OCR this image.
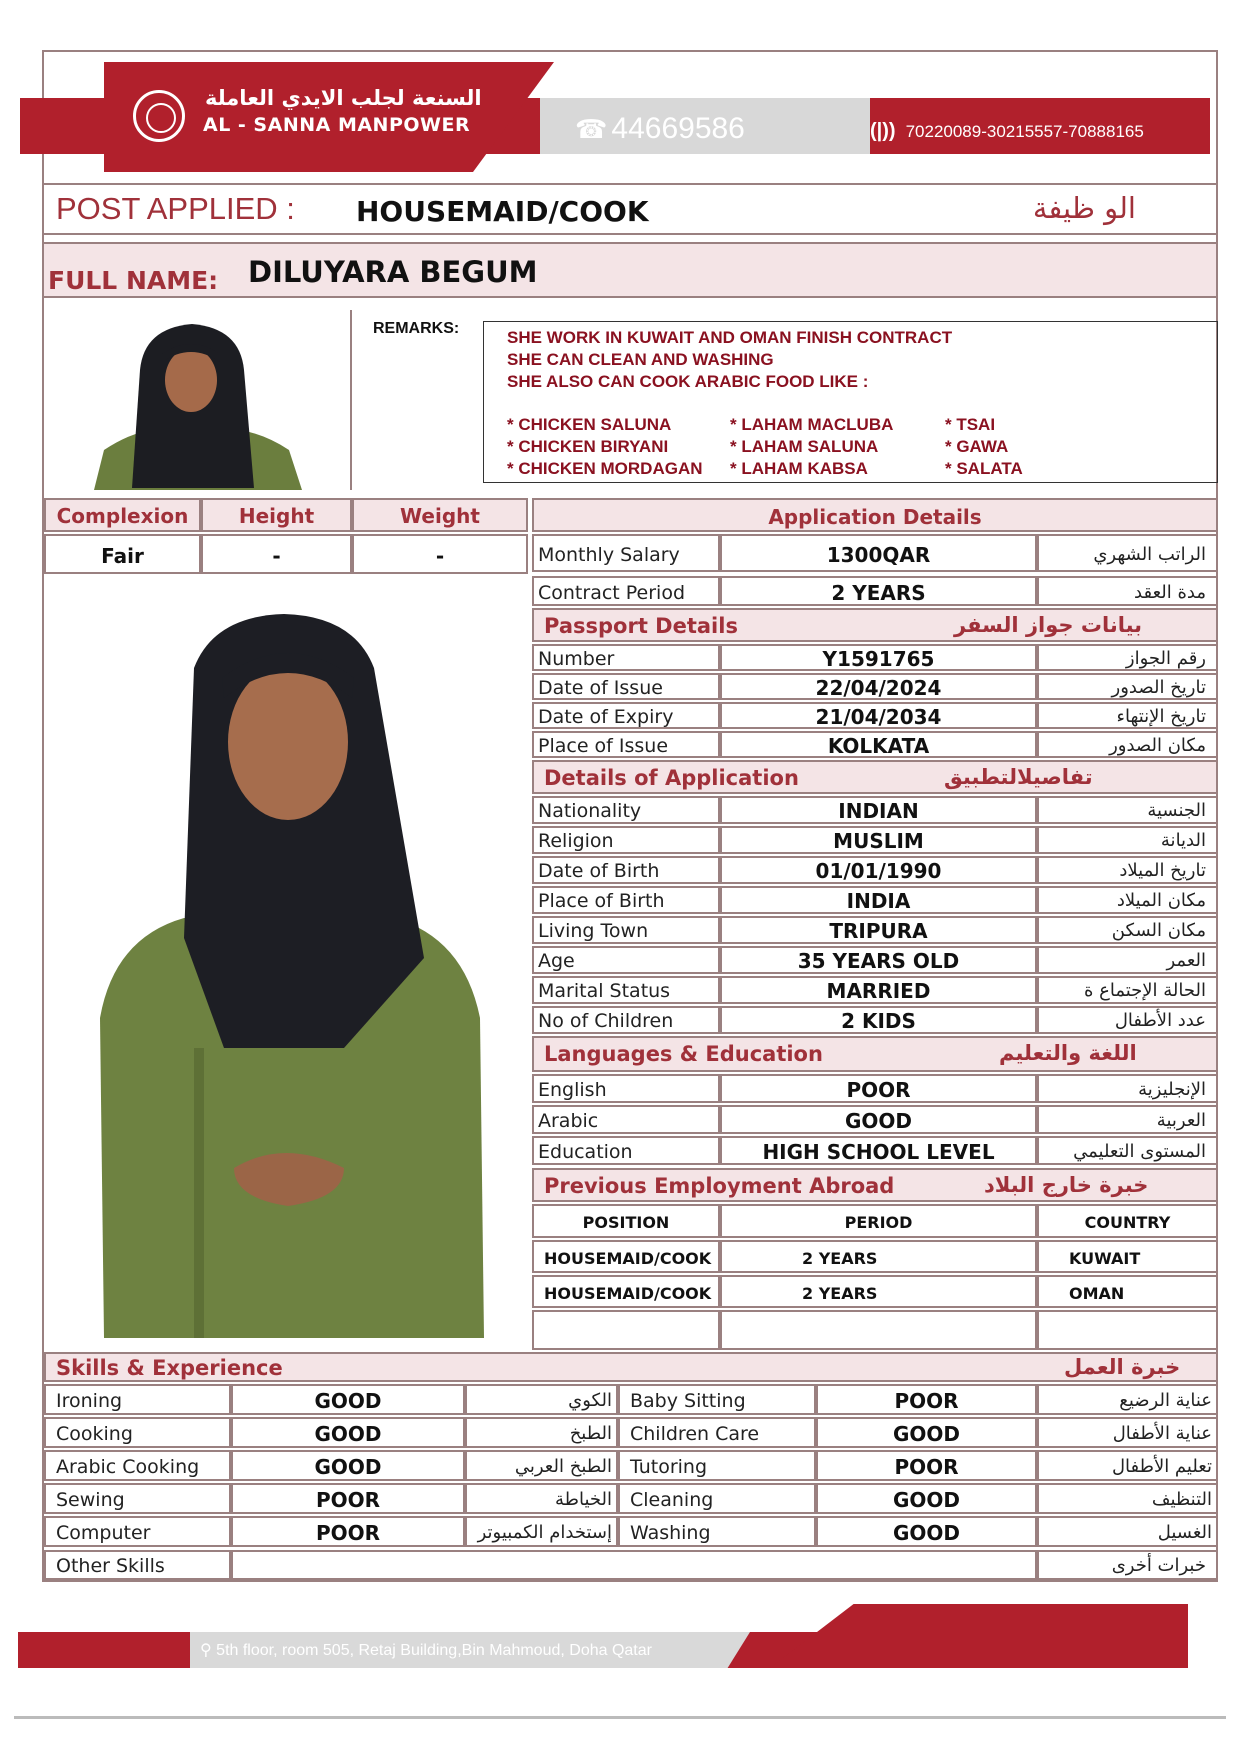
السنعة لجلب الايدي العاملة
AL - SANNA MANPOWER	☎ 44669586	(|)) 70220089-30215557-70888165
POST APPLIED : HOUSEMAID/COOK	الو ظيفة
FULL NAME: DILUYARA BEGUM
REMARKS:	SHE WORK IN KUWAIT AND OMAN FINISH CONTRACT
SHE CAN CLEAN AND WASHING
SHE ALSO CAN COOK ARABIC FOOD LIKE :
* CHICKEN SALUNA	* LAHAM MACLUBA	* TSAI
* CHICKEN BIRYANI	* LAHAM SALUNA	* GAWA
* CHICKEN MORDAGAN * LAHAM KABSA	* SALATA
Complexion	Height	Weight
Fair	-	-
Application Details
Monthly Salary	1300QAR	الراتب الشهري
Contract Period	2 YEARS	مدة العقد
Passport Details	بيانات جواز السفر
Number	Y1591765	رقم الجواز
Date of Issue	22/04/2024	تاريخ الصدور
Date of Expiry	21/04/2034	تاريخ الإنتهاء
Place of Issue	KOLKATA	مكان الصدور
Details of Application	تفاصيلالتطبيق
Nationality	INDIAN	الجنسية
Religion	MUSLIM	الديانة
Date of Birth	01/01/1990	تاريخ الميلاد
Place of Birth	INDIA	مكان الميلاد
Living Town	TRIPURA	مكان السكن
Age	35 YEARS OLD	العمر
Marital Status	MARRIED	الحالة الإجتماع ة
No of Children	2 KIDS	عدد الأطفال
Languages & Education	اللغة والتعليم
English	POOR	الإنجليزية
Arabic	GOOD	العربية
Education	HIGH SCHOOL LEVEL	المستوى التعليمي
Previous Employment Abroad	خبرة خارج البلاد
POSITION	PERIOD	COUNTRY
HOUSEMAID/COOK	2 YEARS	KUWAIT
HOUSEMAID/COOK	2 YEARS	OMAN
Skills & Experience	خبرة العمل
Ironing	GOOD	الكوي Baby Sitting	POOR	عناية الرضيع
Cooking	GOOD	الطبخ Children Care	GOOD	عناية الأطفال
Arabic Cooking	GOOD	الطبخ العربي Tutoring	POOR	تعليم الأطفال
Sewing	POOR	الخياطة Cleaning	GOOD	التنظيف
Computer	POOR	إستخدام الكمبيوتر Washing	GOOD	الغسيل
Other Skills	خبرات أخرى
⚲ 5th floor, room 505, Retaj Building,Bin Mahmoud, Doha Qatar
